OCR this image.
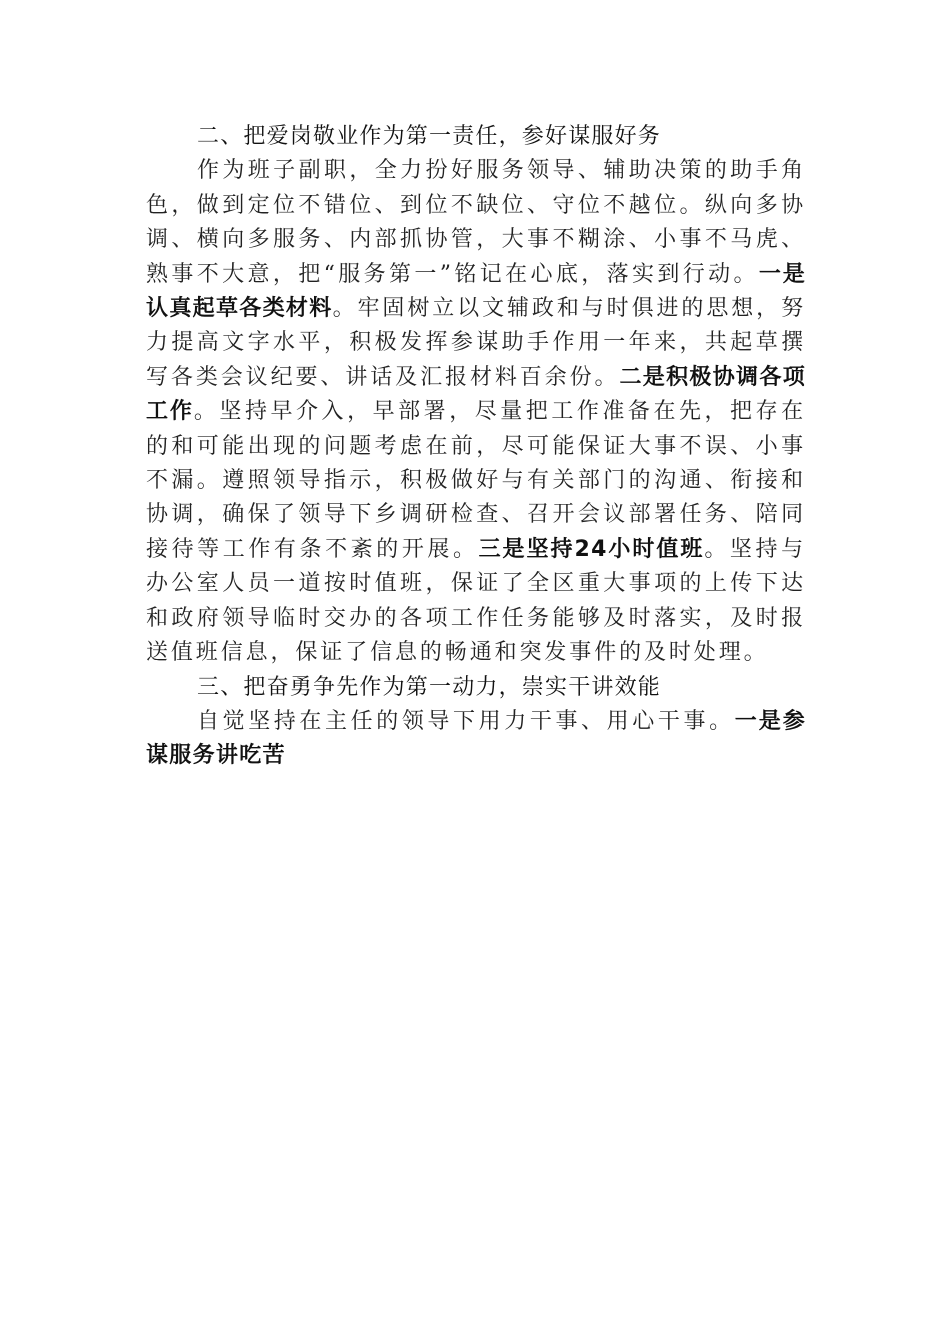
二、把爱岗敬业作为第一责任，参好谋服好务

作为班子副职，全力扮好服务领导、辅助决策的助手角色，做到定位不错位、到位不缺位、守位不越位。纵向多协调、横向多服务、内部抓协管，大事不糊涂、小事不马虎、熟事不大意，把“服务第一”铭记在心底，落实到行动。一是认真起草各类材料。牢固树立以文辅政和与时俱进的思想，努力提高文字水平，积极发挥参谋助手作用一年来，共起草撰写各类会议纪要、讲话及汇报材料百余份。二是积极协调各项工作。坚持早介入，早部署，尽量把工作准备在先，把存在的和可能出现的问题考虑在前，尽可能保证大事不误、小事不漏。遵照领导指示，积极做好与有关部门的沟通、衔接和协调，确保了领导下乡调研检查、召开会议部署任务、陪同接待等工作有条不紊的开展。三是坚持24小时值班。坚持与办公室人员一道按时值班，保证了全区重大事项的上传下达和政府领导临时交办的各项工作任务能够及时落实，及时报送值班信息，保证了信息的畅通和突发事件的及时处理。

三、把奋勇争先作为第一动力，崇实干讲效能

自觉坚持在主任的领导下用力干事、用心干事。一是参谋服务讲吃苦
